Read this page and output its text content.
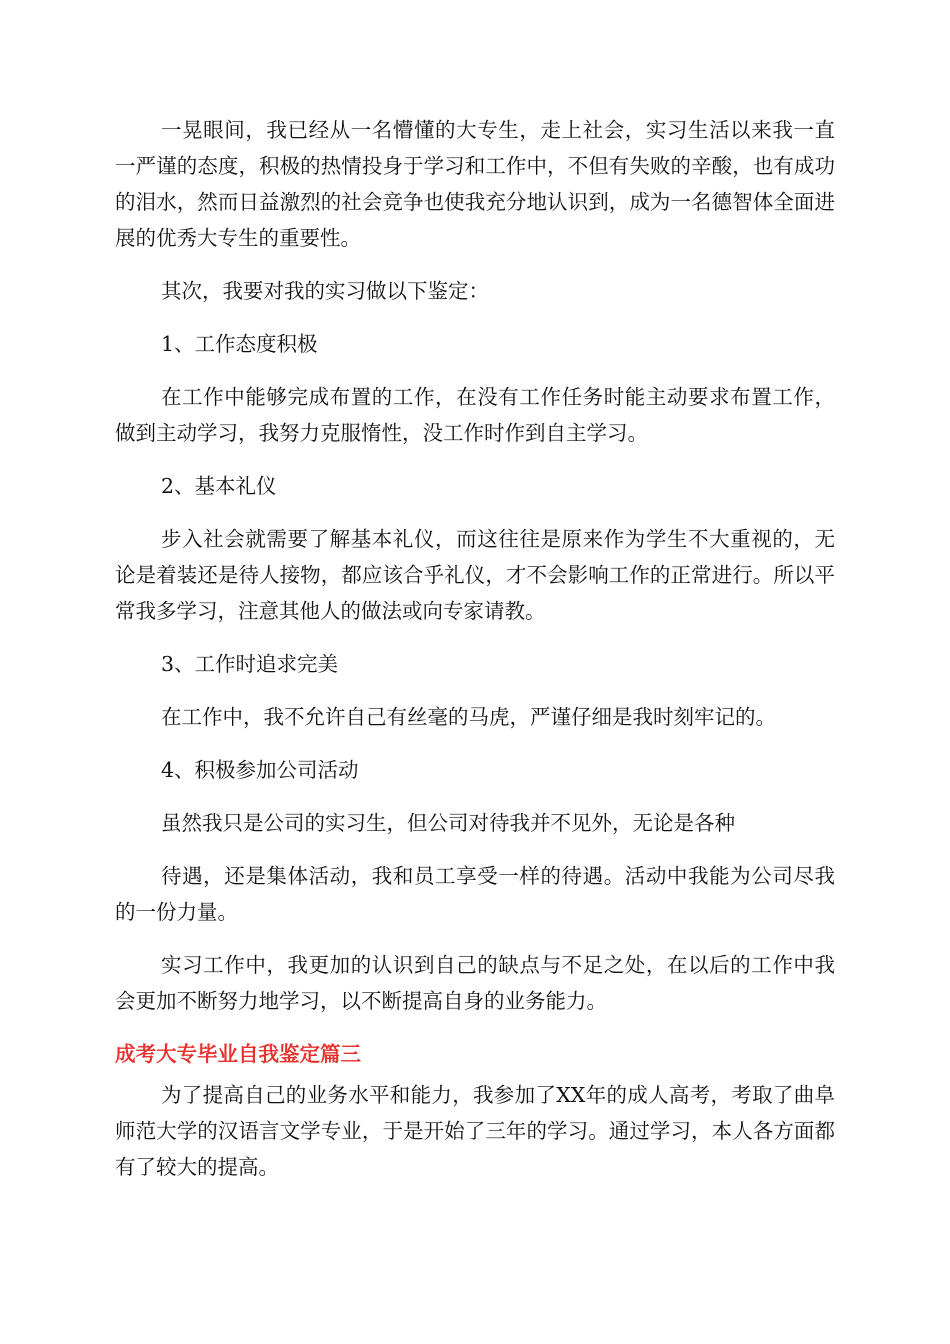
一晃眼间，我已经从一名懵懂的大专生，走上社会，实习生活以来我一直一严谨的态度，积极的热情投身于学习和工作中，不但有失败的辛酸，也有成功的泪水，然而日益激烈的社会竞争也使我充分地认识到，成为一名德智体全面进展的优秀大专生的重要性。

其次，我要对我的实习做以下鉴定：

1、工作态度积极

在工作中能够完成布置的工作，在没有工作任务时能主动要求布置工作，做到主动学习，我努力克服惰性，没工作时作到自主学习。

2、基本礼仪

步入社会就需要了解基本礼仪，而这往往是原来作为学生不大重视的，无论是着装还是待人接物，都应该合乎礼仪，才不会影响工作的正常进行。所以平常我多学习，注意其他人的做法或向专家请教。

3、工作时追求完美

在工作中，我不允许自己有丝毫的马虎，严谨仔细是我时刻牢记的。

4、积极参加公司活动

虽然我只是公司的实习生，但公司对待我并不见外，无论是各种

待遇，还是集体活动，我和员工享受一样的待遇。活动中我能为公司尽我的一份力量。

实习工作中，我更加的认识到自己的缺点与不足之处，在以后的工作中我会更加不断努力地学习，以不断提高自身的业务能力。

成考大专毕业自我鉴定篇三

为了提高自己的业务水平和能力，我参加了XX年的成人高考，考取了曲阜师范大学的汉语言文学专业，于是开始了三年的学习。通过学习，本人各方面都有了较大的提高。
